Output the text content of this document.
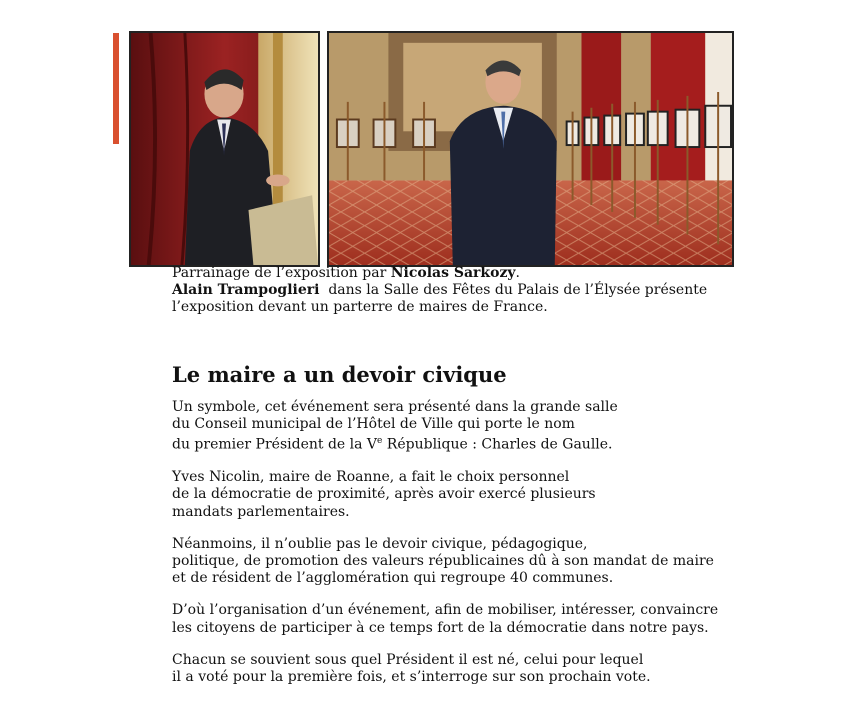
Parrainage de l’exposition par Nicolas Sarkozy.
Alain Trampoglieri  dans la Salle des Fêtes du Palais de l’Élysée présente
l’exposition devant un parterre de maires de France.
Le maire a un devoir civique

Un symbole, cet événement sera présenté dans la grande salle
du Conseil municipal de l’Hôtel de Ville qui porte le nom
du premier Président de la Ve République : Charles de Gaulle.

Yves Nicolin, maire de Roanne, a fait le choix personnel
de la démocratie de proximité, après avoir exercé plusieurs
mandats parlementaires.

Néanmoins, il n’oublie pas le devoir civique, pédagogique,
politique, de promotion des valeurs républicaines dû à son mandat de maire
et de résident de l’agglomération qui regroupe 40 communes.

D’où l’organisation d’un événement, afin de mobiliser, intéresser, convaincre
les citoyens de participer à ce temps fort de la démocratie dans notre pays.

Chacun se souvient sous quel Président il est né, celui pour lequel
il a voté pour la première fois, et s’interroge sur son prochain vote.
